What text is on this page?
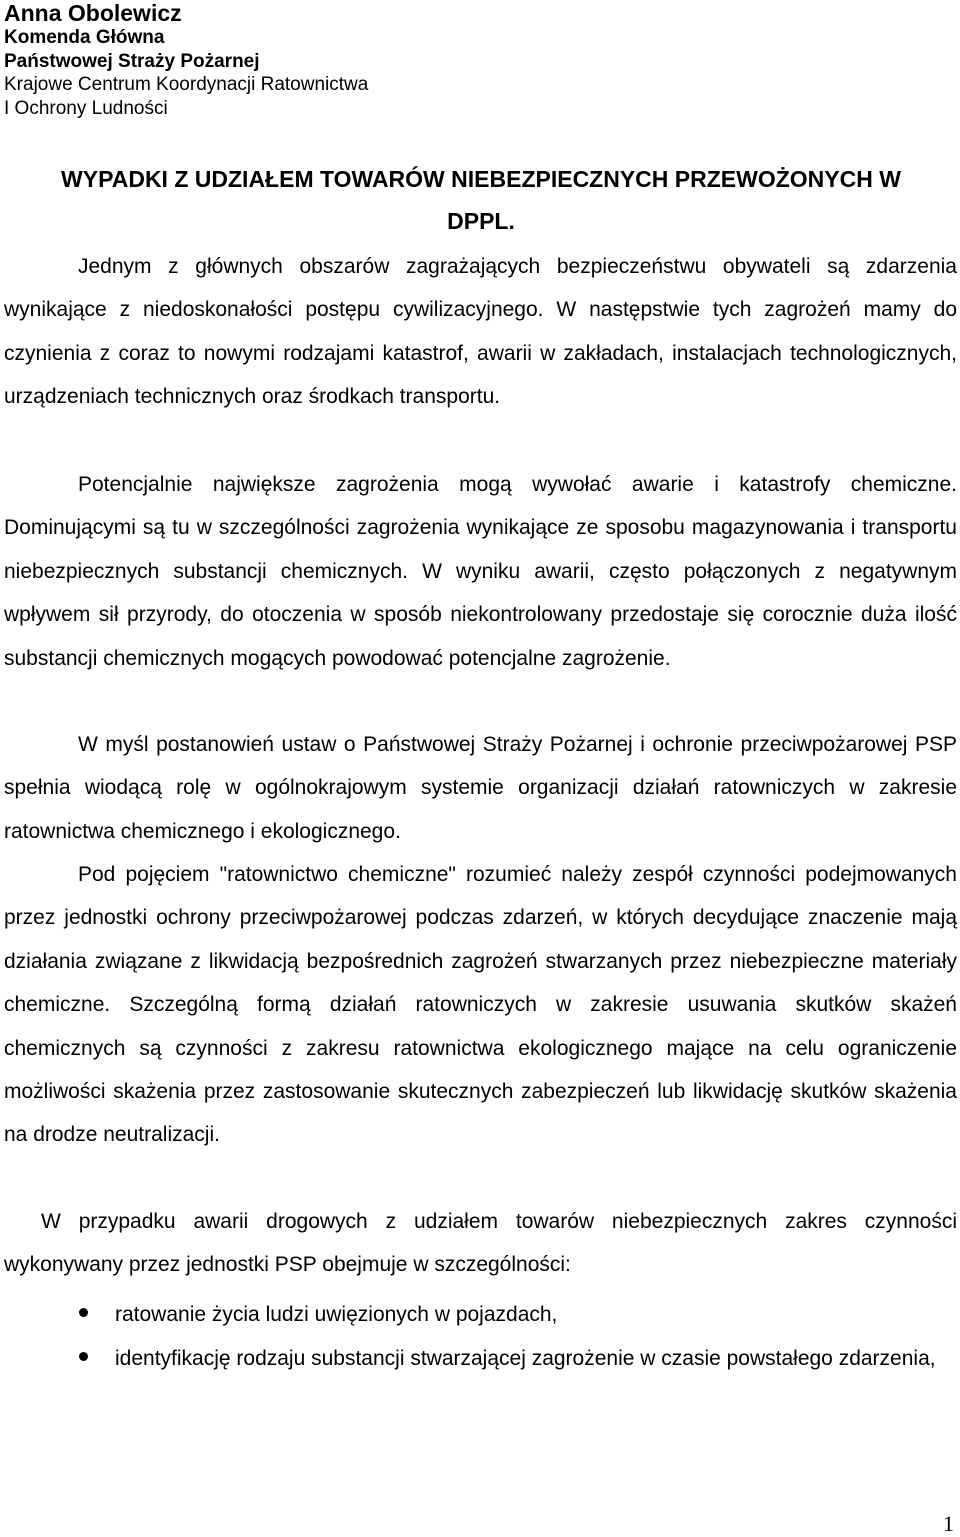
Anna Obolewicz
Komenda Główna
Państwowej Straży Pożarnej
Krajowe Centrum Koordynacji Ratownictwa
I Ochrony Ludności
WYPADKI Z UDZIAŁEM TOWARÓW NIEBEZPIECZNYCH PRZEWOŻONYCH W
DPPL.
Jednym z głównych obszarów zagrażających bezpieczeństwu obywateli są zdarzenia wynikające z niedoskonałości postępu cywilizacyjnego. W następstwie tych zagrożeń mamy do czynienia z coraz to nowymi rodzajami katastrof, awarii w zakładach, instalacjach technologicznych, urządzeniach technicznych oraz środkach transportu.
Potencjalnie największe zagrożenia mogą wywołać awarie i katastrofy chemiczne. Dominującymi są tu w szczególności zagrożenia wynikające ze sposobu magazynowania i transportu niebezpiecznych substancji chemicznych. W wyniku awarii, często połączonych z negatywnym wpływem sił przyrody, do otoczenia w sposób niekontrolowany przedostaje się corocznie duża ilość substancji chemicznych mogących powodować potencjalne zagrożenie.
W myśl postanowień ustaw o Państwowej Straży Pożarnej i ochronie przeciwpożarowej PSP spełnia wiodącą rolę w ogólnokrajowym systemie organizacji działań ratowniczych w zakresie ratownictwa chemicznego i ekologicznego.
Pod pojęciem "ratownictwo chemiczne" rozumieć należy zespół czynności podejmowanych przez jednostki ochrony przeciwpożarowej podczas zdarzeń, w których decydujące znaczenie mają działania związane z likwidacją bezpośrednich zagrożeń stwarzanych przez niebezpieczne materiały chemiczne. Szczególną formą działań ratowniczych w zakresie usuwania skutków skażeń chemicznych są czynności z zakresu ratownictwa ekologicznego mające na celu ograniczenie możliwości skażenia przez zastosowanie skutecznych zabezpieczeń lub likwidację skutków skażenia na drodze neutralizacji.
W przypadku awarii drogowych z udziałem towarów niebezpiecznych zakres czynności wykonywany przez jednostki PSP obejmuje w szczególności:
ratowanie życia ludzi uwięzionych w pojazdach,
identyfikację rodzaju substancji stwarzającej zagrożenie w czasie powstałego zdarzenia,
1
